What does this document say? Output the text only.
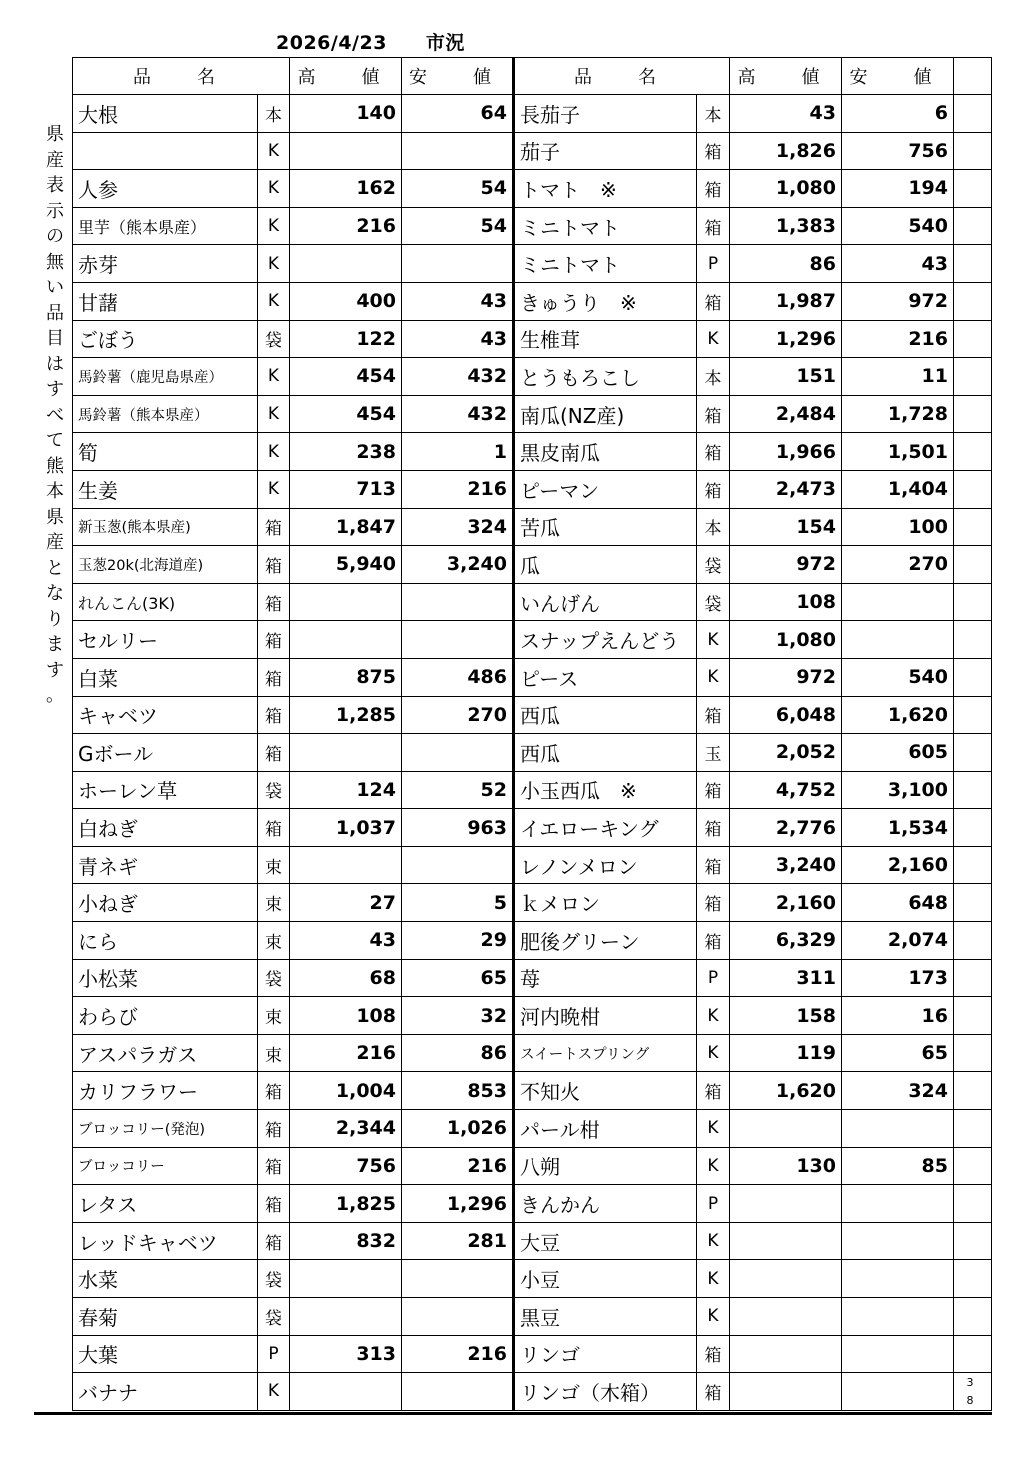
2026/4/23　　市況
県
産
表
示
の
無
い
品
目
は
す
べ
て
熊
本
県
産
と
な
り
ま
す
。
品　名		高　値	安　値	品　名		高　値	安　値	
大根	本	140	64	長茄子	本	43	6	
	K			茄子	箱	1,826	756	
人参	K	162	54	トマト　※	箱	1,080	194	
里芋（熊本県産）	K	216	54	ミニトマト	箱	1,383	540	
赤芽	K			ミニトマト	P	86	43	
甘藷	K	400	43	きゅうり　※	箱	1,987	972	
ごぼう	袋	122	43	生椎茸	K	1,296	216	
馬鈴薯（鹿児島県産）	K	454	432	とうもろこし	本	151	11	
馬鈴薯（熊本県産）	K	454	432	南瓜(NZ産)	箱	2,484	1,728	
筍	K	238	1	黒皮南瓜	箱	1,966	1,501	
生姜	K	713	216	ピーマン	箱	2,473	1,404	
新玉葱(熊本県産)	箱	1,847	324	苦瓜	本	154	100	
玉葱20k(北海道産)	箱	5,940	3,240	瓜	袋	972	270	
れんこん(3K)	箱			いんげん	袋	108		
セルリー	箱			スナップえんどう	K	1,080		
白菜	箱	875	486	ピース	K	972	540	
キャベツ	箱	1,285	270	西瓜	箱	6,048	1,620	
Gボール	箱			西瓜	玉	2,052	605	
ホーレン草	袋	124	52	小玉西瓜　※	箱	4,752	3,100	
白ねぎ	箱	1,037	963	イエローキング	箱	2,776	1,534	
青ネギ	束			レノンメロン	箱	3,240	2,160	
小ねぎ	束	27	5	ｋメロン	箱	2,160	648	
にら	束	43	29	肥後グリーン	箱	6,329	2,074	
小松菜	袋	68	65	苺	P	311	173	
わらび	束	108	32	河内晩柑	K	158	16	
アスパラガス	束	216	86	スイートスプリング	K	119	65	
カリフラワー	箱	1,004	853	不知火	箱	1,620	324	
ブロッコリー(発泡)	箱	2,344	1,026	パール柑	K			
ブロッコリー	箱	756	216	八朔	K	130	85	
レタス	箱	1,825	1,296	きんかん	P			
レッドキャベツ	箱	832	281	大豆	K			
水菜	袋			小豆	K			
春菊	袋			黒豆	K			
大葉	P	313	216	リンゴ	箱			
バナナ	K			リンゴ（木箱）	箱			
3
8
